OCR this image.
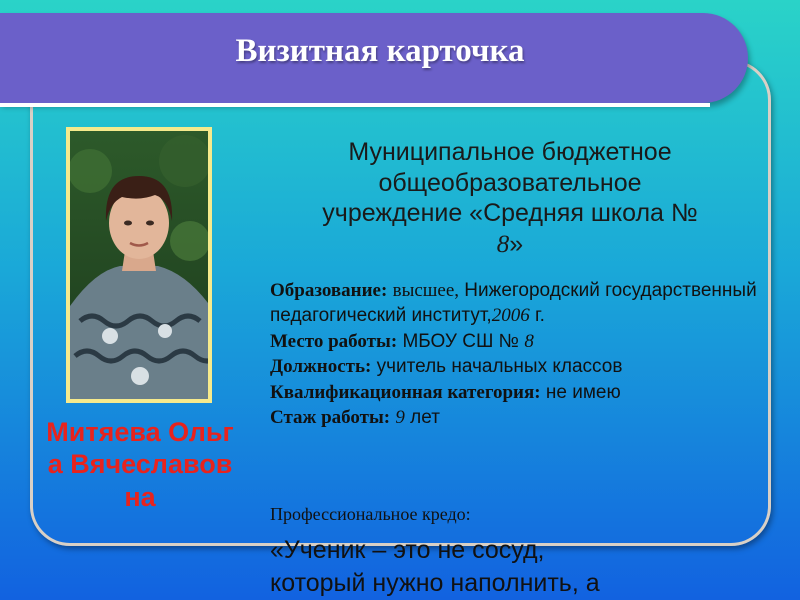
Визитная карточка
Митяева Ольга Вячеславовна
Муниципальное бюджетное
общеобразовательное
учреждение «Средняя школа №
8»
Образование: высшее, Нижегородский государственный педагогический институт,2006 г.
Место работы: МБОУ СШ № 8
Должность: учитель начальных классов
Квалификационная категория: не имею
Стаж работы: 9 лет
Профессиональное кредо:
«Ученик – это не сосуд,
который нужно наполнить, а
